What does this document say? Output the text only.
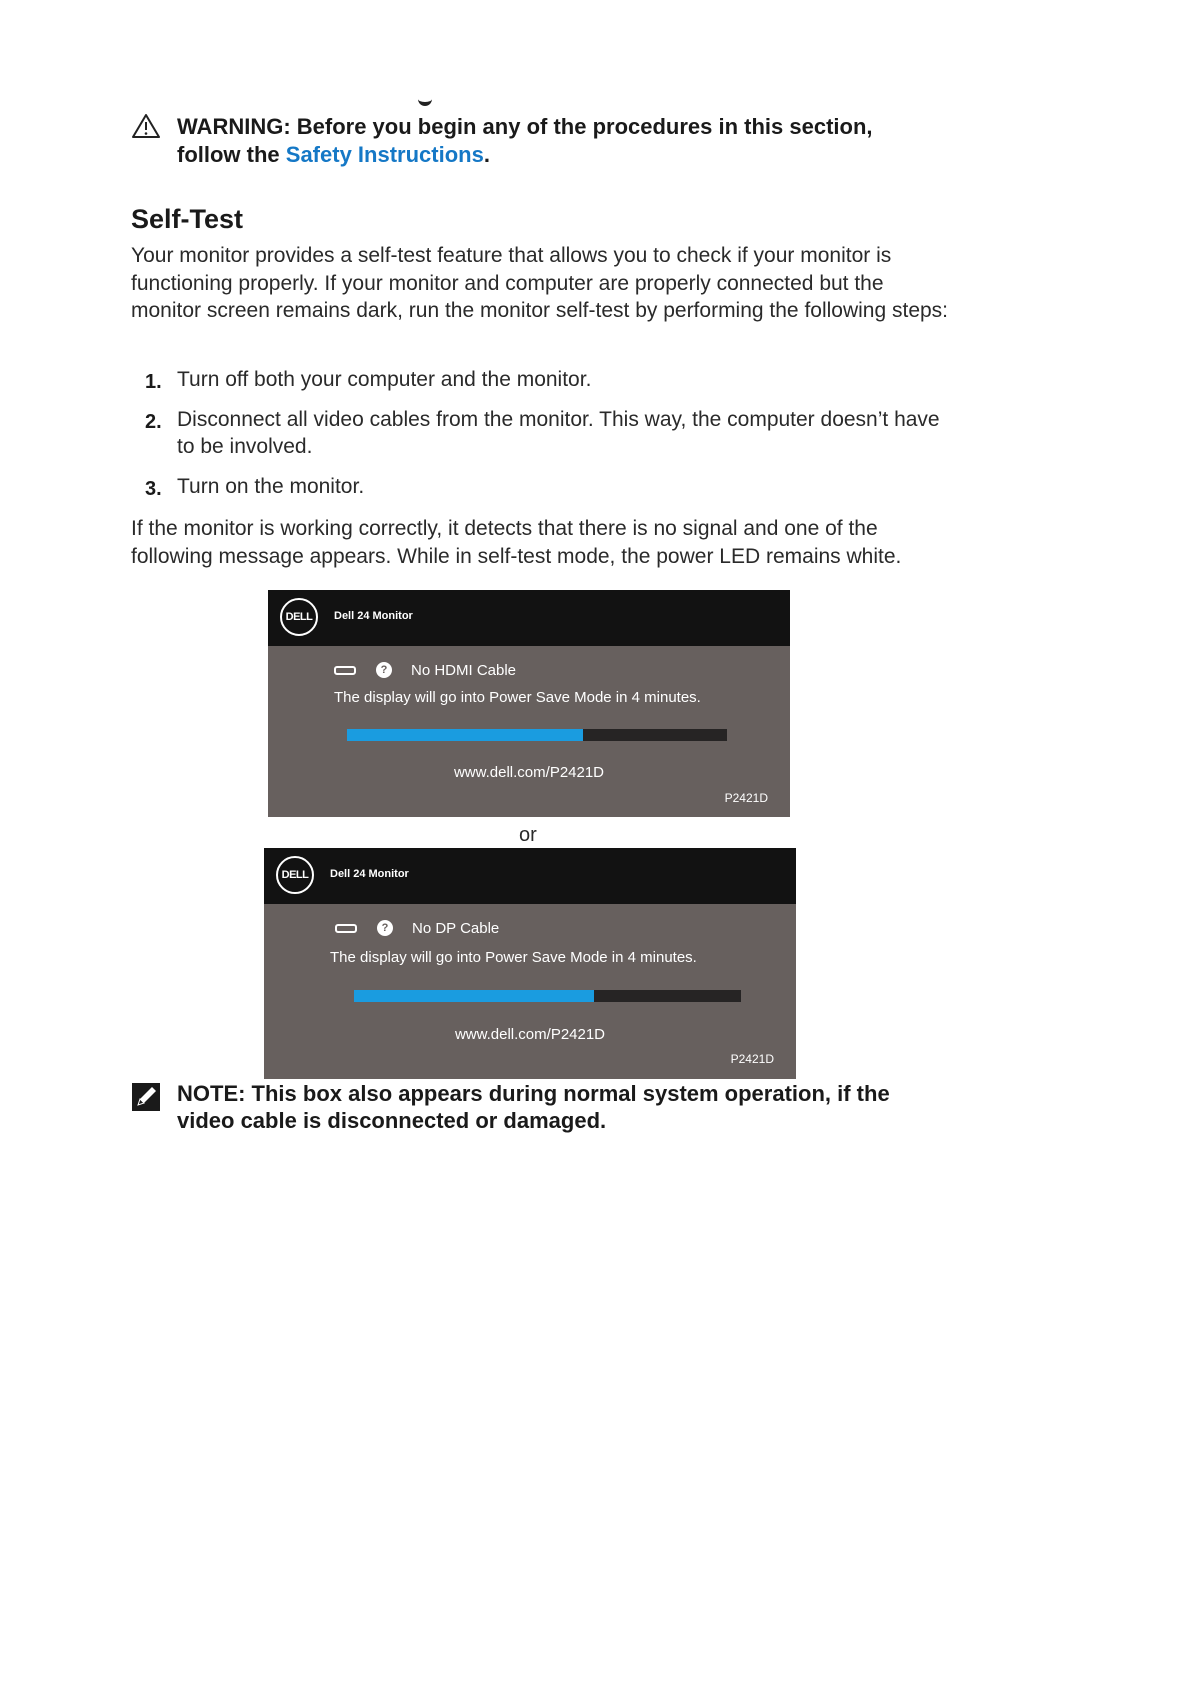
WARNING: Before you begin any of the procedures in this section, follow the Safety Instructions.
Self-Test

Your monitor provides a self-test feature that allows you to check if your monitor is functioning properly. If your monitor and computer are properly connected but the monitor screen remains dark, run the monitor self-test by performing the following steps:

1. Turn off both your computer and the monitor.
2. Disconnect all video cables from the monitor. This way, the computer doesn’t have to be involved.
3. Turn on the monitor.

If the monitor is working correctly, it detects that there is no signal and one of the following message appears. While in self-test mode, the power LED remains white.

DELL	Dell 24 Monitor
?	No HDMI Cable
The display will go into Power Save Mode in 4 minutes.
www.dell.com/P2421D
P2421D
or
DELL	Dell 24 Monitor
?	No DP Cable
The display will go into Power Save Mode in 4 minutes.
www.dell.com/P2421D
P2421D
NOTE: This box also appears during normal system operation, if the video cable is disconnected or damaged.
